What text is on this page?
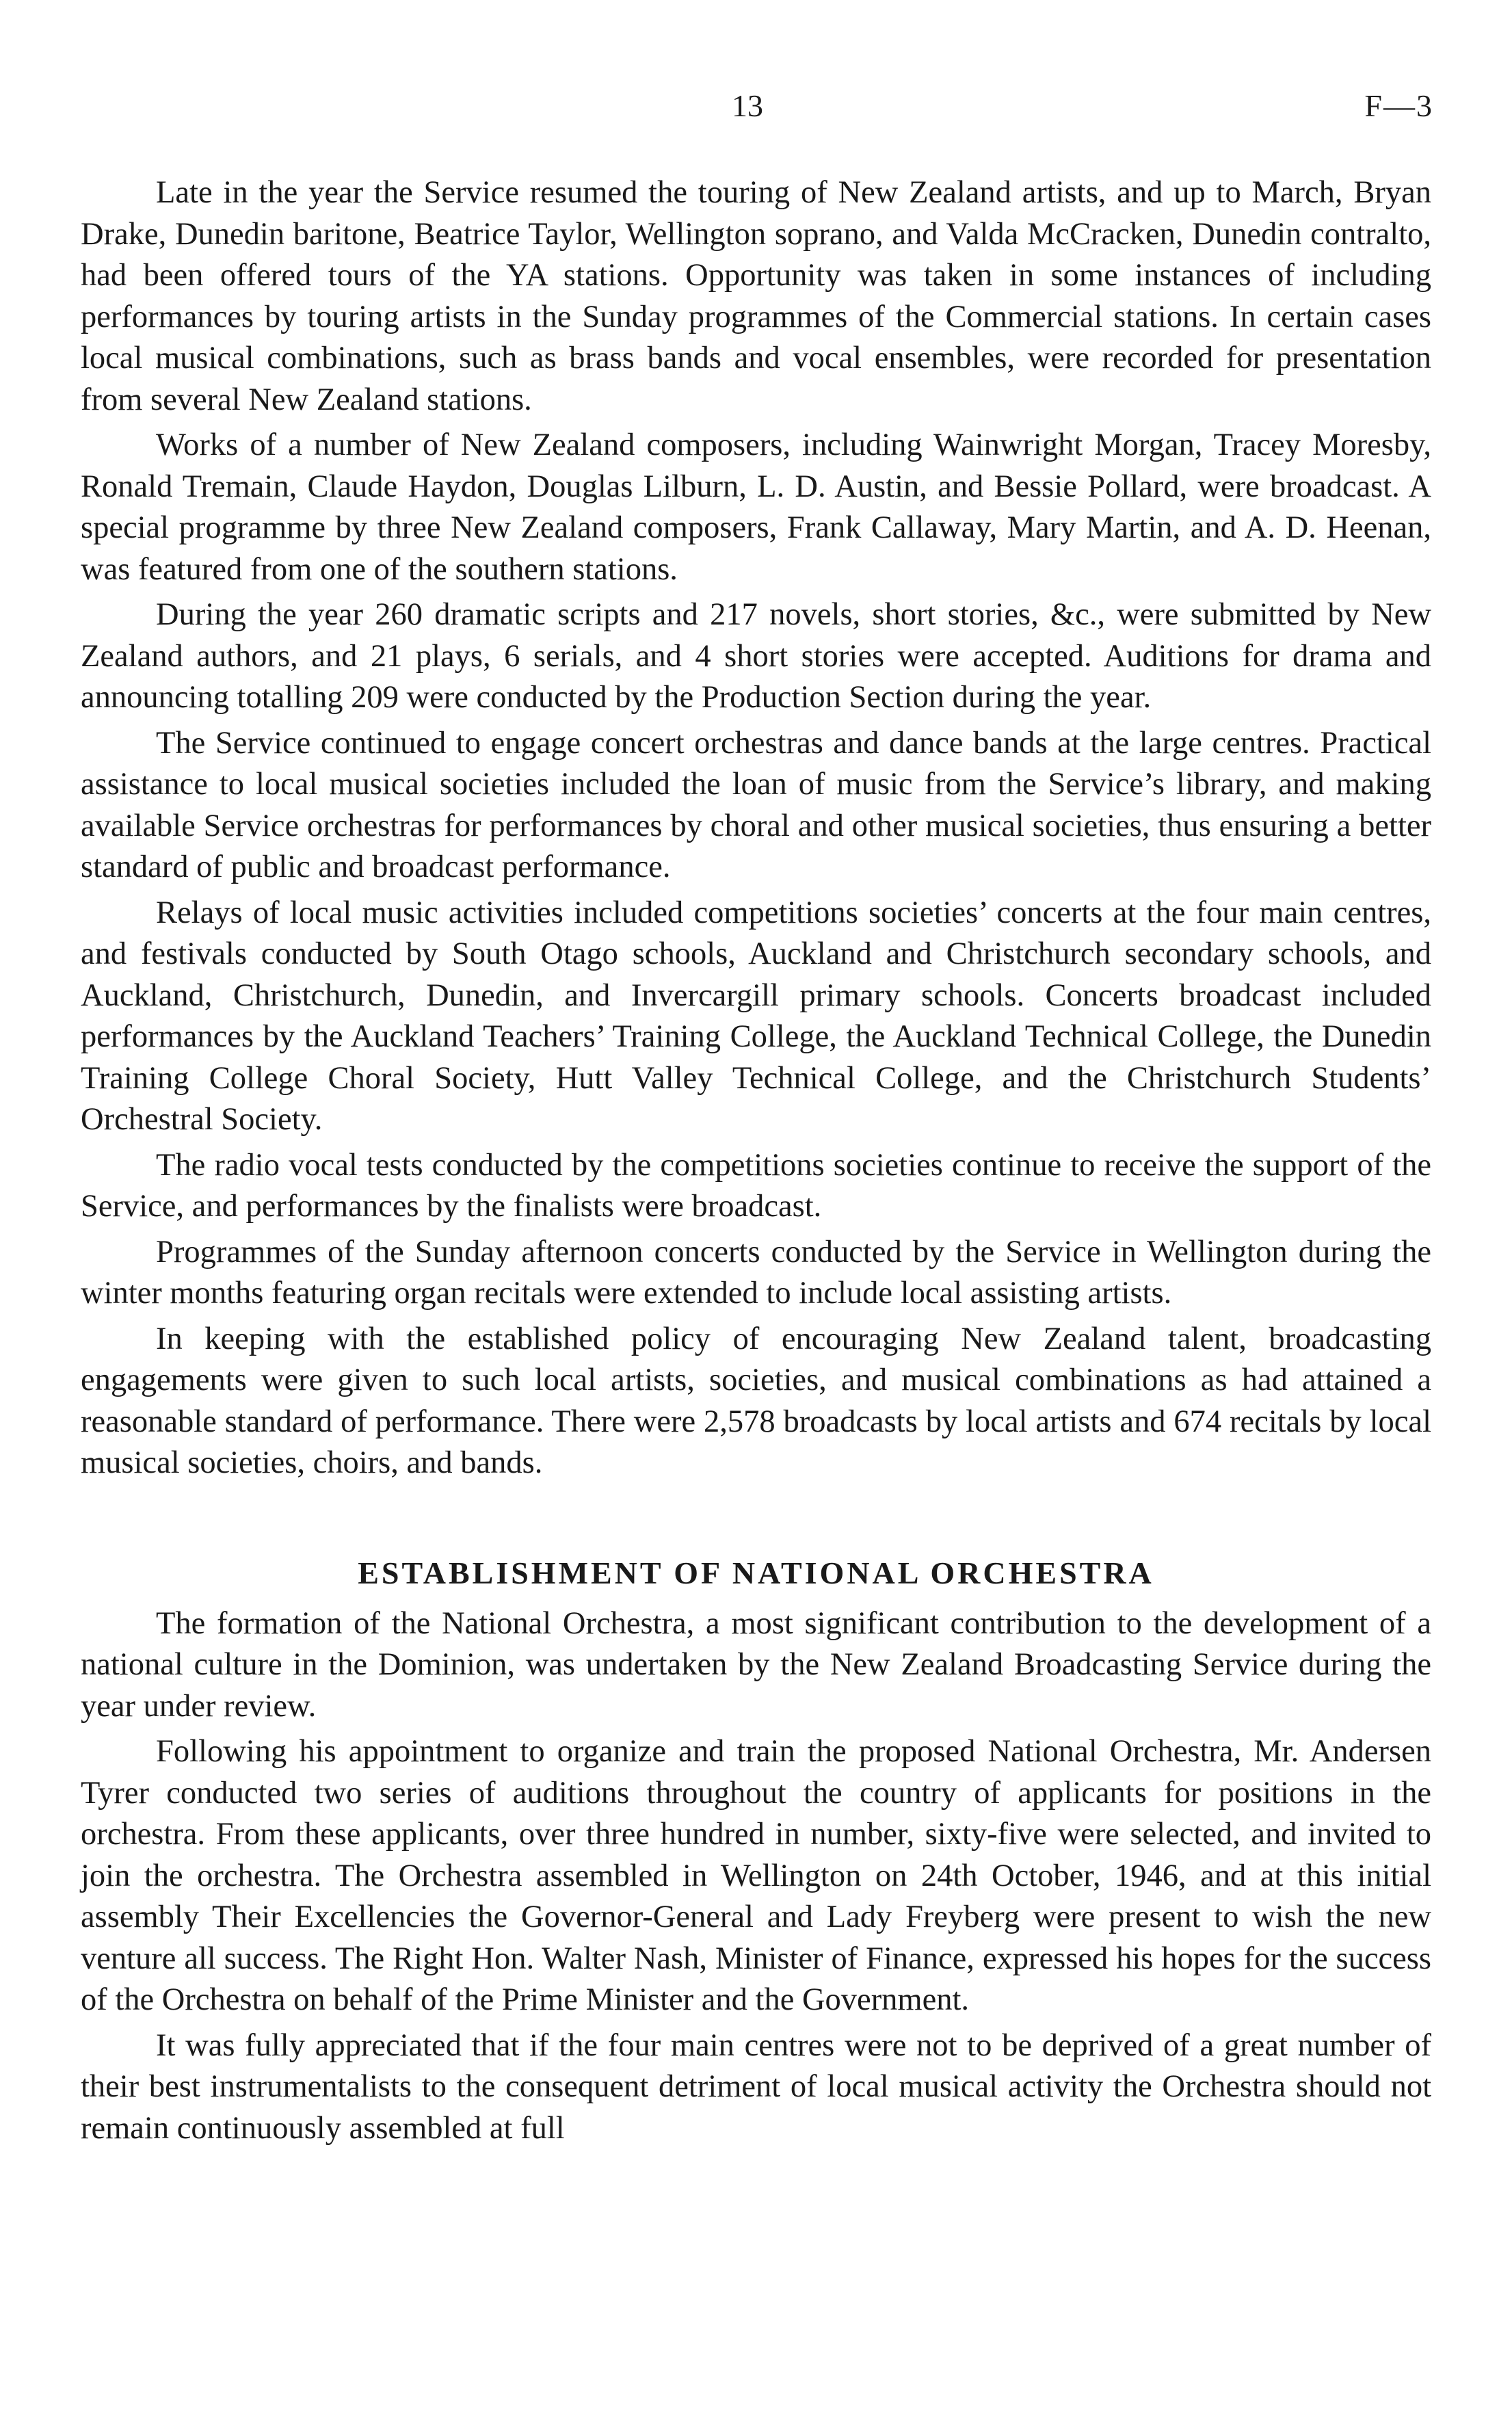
13	F—3

Late in the year the Service resumed the touring of New Zealand artists, and up to March, Bryan Drake, Dunedin baritone, Beatrice Taylor, Wellington soprano, and Valda McCracken, Dunedin contralto, had been offered tours of the YA stations. Opportunity was taken in some instances of including performances by touring artists in the Sunday programmes of the Commercial stations. In certain cases local musical combinations, such as brass bands and vocal ensembles, were recorded for presentation from several New Zealand stations.

Works of a number of New Zealand composers, including Wainwright Morgan, Tracey Moresby, Ronald Tremain, Claude Haydon, Douglas Lilburn, L. D. Austin, and Bessie Pollard, were broadcast. A special programme by three New Zealand composers, Frank Callaway, Mary Martin, and A. D. Heenan, was featured from one of the southern stations.

During the year 260 dramatic scripts and 217 novels, short stories, &c., were submitted by New Zealand authors, and 21 plays, 6 serials, and 4 short stories were accepted. Auditions for drama and announcing totalling 209 were conducted by the Production Section during the year.

The Service continued to engage concert orchestras and dance bands at the large centres. Practical assistance to local musical societies included the loan of music from the Service’s library, and making available Service orchestras for performances by choral and other musical societies, thus ensuring a better standard of public and broadcast performance.

Relays of local music activities included competitions societies’ concerts at the four main centres, and festivals conducted by South Otago schools, Auckland and Christchurch secondary schools, and Auckland, Christchurch, Dunedin, and Invercargill primary schools. Concerts broadcast included performances by the Auckland Teachers’ Training College, the Auckland Technical College, the Dunedin Training College Choral Society, Hutt Valley Technical College, and the Christchurch Students’ Orchestral Society.

The radio vocal tests conducted by the competitions societies continue to receive the support of the Service, and performances by the finalists were broadcast.

Programmes of the Sunday afternoon concerts conducted by the Service in Wellington during the winter months featuring organ recitals were extended to include local assisting artists.

In keeping with the established policy of encouraging New Zealand talent, broadcasting engagements were given to such local artists, societies, and musical combinations as had attained a reasonable standard of performance. There were 2,578 broadcasts by local artists and 674 recitals by local musical societies, choirs, and bands.

ESTABLISHMENT OF NATIONAL ORCHESTRA

The formation of the National Orchestra, a most significant contribution to the development of a national culture in the Dominion, was undertaken by the New Zealand Broadcasting Service during the year under review.

Following his appointment to organize and train the proposed National Orchestra, Mr. Andersen Tyrer conducted two series of auditions throughout the country of applicants for positions in the orchestra. From these applicants, over three hundred in number, sixty-five were selected, and invited to join the orchestra. The Orchestra assembled in Wellington on 24th October, 1946, and at this initial assembly Their Excellencies the Governor-General and Lady Freyberg were present to wish the new venture all success. The Right Hon. Walter Nash, Minister of Finance, expressed his hopes for the success of the Orchestra on behalf of the Prime Minister and the Government.

It was fully appreciated that if the four main centres were not to be deprived of a great number of their best instrumentalists to the consequent detriment of local musical activity the Orchestra should not remain continuously assembled at full
